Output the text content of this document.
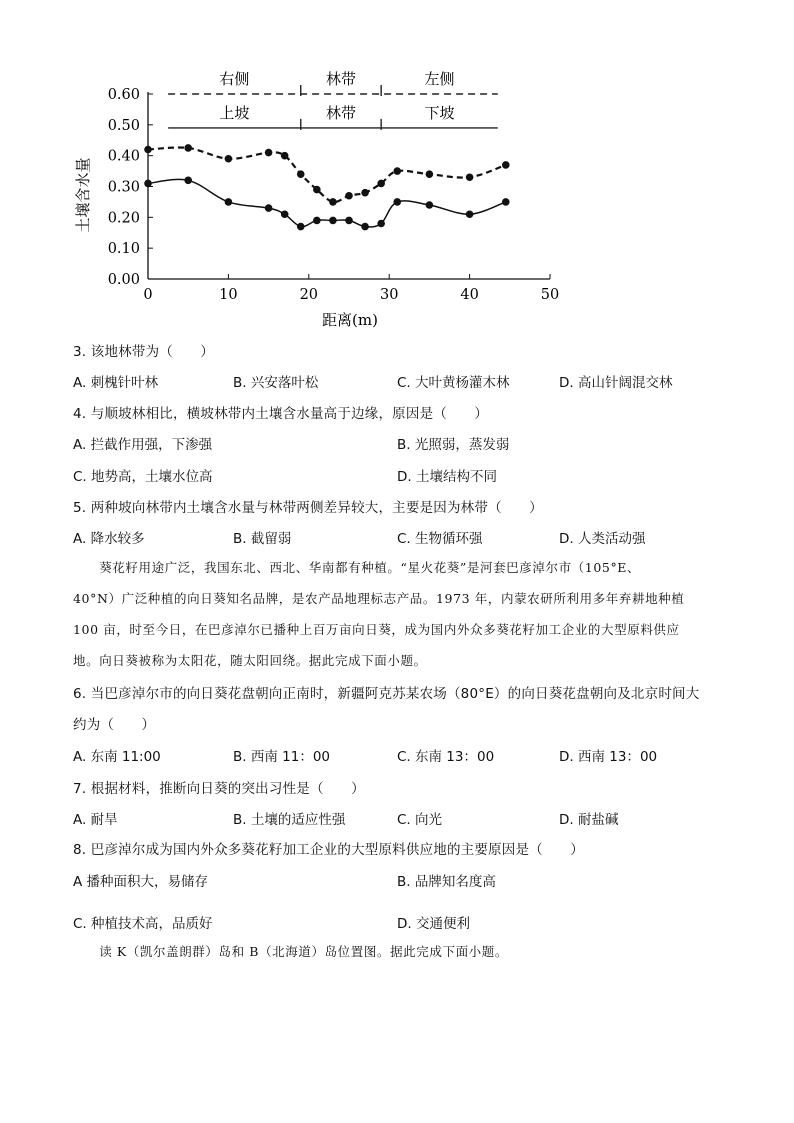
0.00
0.10
0.20
0.30
0.40
0.50
0.60
0	10	20	30	40	50
右侧	林带	左侧
上坡	林带	下坡
土壤含水量
距离(m)
3. 该地林带为（　　）
A. 刺槐针叶林	B. 兴安落叶松	C. 大叶黄杨灌木林	D. 高山针阔混交林
4. 与顺坡林相比，横坡林带内土壤含水量高于边缘，原因是（　　）
A. 拦截作用强，下渗强	B. 光照弱，蒸发弱
C. 地势高，土壤水位高	D. 土壤结构不同
5. 两种坡向林带内土壤含水量与林带两侧差异较大，主要是因为林带（　　）
A. 降水较多	B. 截留弱	C. 生物循环强	D. 人类活动强
　　葵花籽用途广泛，我国东北、西北、华南都有种植。“星火花葵”是河套巴彦淖尔市（105°E、
40°N）广泛种植的向日葵知名品牌，是农产品地理标志产品。1973 年，内蒙农研所利用多年弃耕地种植
100 亩，时至今日，在巴彦淖尔已播种上百万亩向日葵，成为国内外众多葵花籽加工企业的大型原料供应
地。向日葵被称为太阳花，随太阳回绕。据此完成下面小题。
6. 当巴彦淖尔市的向日葵花盘朝向正南时，新疆阿克苏某农场（80°E）的向日葵花盘朝向及北京时间大
约为（　　）
A. 东南 11:00	B. 西南 11：00	C. 东南 13：00	D. 西南 13：00
7. 根据材料，推断向日葵的突出习性是（　　）
A. 耐旱	B. 土壤的适应性强	C. 向光	D. 耐盐碱
8. 巴彦淖尔成为国内外众多葵花籽加工企业的大型原料供应地的主要原因是（　　）
A 播种面积大，易储存	B. 品牌知名度高
C. 种植技术高，品质好	D. 交通便利
　　读 K（凯尔盖朗群）岛和 B（北海道）岛位置图。据此完成下面小题。
